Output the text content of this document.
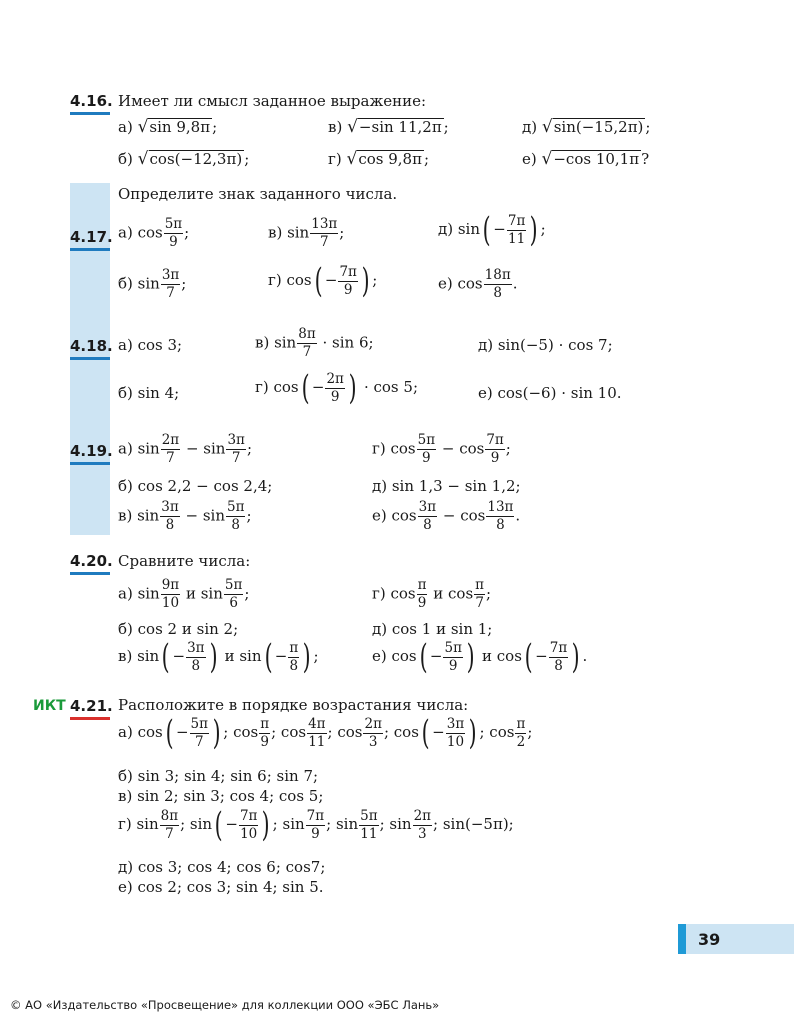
4.16. Имеет ли смысл заданное выражение:
а) √sin 9,8π ;	в) √−sin 11,2π ;	д) √sin(−15,2π) ;
б) √cos(−12,3π) ;	г) √cos 9,8π ;	е) √−cos 10,1π ?
Определите знак заданного числа.
4.17. а) $\cos \frac{5\pi}{9}$ ;	в) $\sin \frac{13\pi}{7}$ ;	д) $\sin( - \frac{7\pi}{11}$ ) ;
б) $\sin \frac{3\pi}{7}$ ;	г) $\cos( - \frac{7\pi}{9}$ ) ;	е) $\cos \frac{18\pi}{8}$ .
4.18. а) cos 3;	в) $\sin \frac{8\pi}{7} \cdot \sin 6$;	д) sin(−5) · cos 7;
б) sin 4;	г) $\cos( - \frac{2\pi}{9}$ ) · cos 5;	е) cos(−6) · sin 10.
4.19. а) $\sin \frac{2\pi}{7} - \sin \frac{3\pi}{7}$ ;	г) $\cos \frac{5\pi}{9} - \cos \frac{7\pi}{9}$ ;
б) cos 2,2 − cos 2,4;	д) sin 1,3 − sin 1,2;
в) $\sin \frac{3\pi}{8} - \sin \frac{5\pi}{8}$ ;	е) $\cos \frac{3\pi}{8} - \cos \frac{13\pi}{8}$ .
4.20. Сравните числа:
а) $\sin \frac{9\pi}{10}$ и $\sin \frac{5\pi}{6}$ ;	г) $\cos \frac{\pi}{9}$ и $\cos \frac{\pi}{7}$ ;
б) cos 2 и sin 2;	д) cos 1 и sin 1;
в) $\sin( - \frac{3\pi}{8}$ ) и $\sin( - \frac{\pi}{8}$ ) ;	е) $\cos( - \frac{5\pi}{9}$ ) и $\cos( - \frac{7\pi}{8}$ ) .
ИКТ 4.21. Расположите в порядке возрастания числа:
а) $\cos( - \frac{5\pi}{7}$ ) ; $\cos \frac{\pi}{9}$ ; $\cos \frac{4\pi}{11}$ ; $\cos \frac{2\pi}{3}$ ; $\cos( - \frac{3\pi}{10}$ ) ; $\cos \frac{\pi}{2}$ ;
б) sin 3; sin 4; sin 6; sin 7;
в) sin 2; sin 3; cos 4; cos 5;
г) $\sin \frac{8\pi}{7}$ ; $\sin( - \frac{7\pi}{10}$ ) ; $\sin \frac{7\pi}{9}$ ; $\sin \frac{5\pi}{11}$ ; $\sin \frac{2\pi}{3}$ ; sin(−5π);
д) cos 3; cos 4; cos 6; cos7;
е) cos 2; cos 3; sin 4; sin 5.
39
© АО «Издательство «Просвещение» для коллекции ООО «ЭБС Лань»
